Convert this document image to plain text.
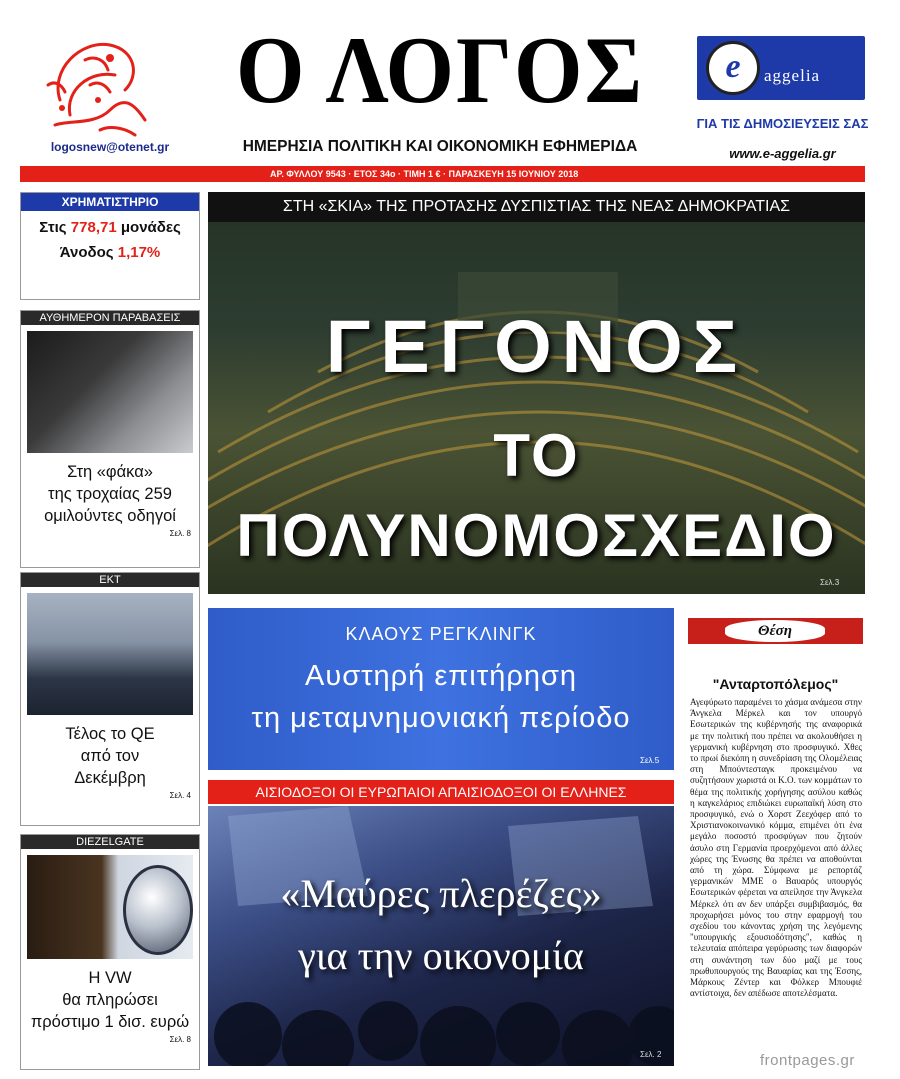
logosnew@otenet.gr
Ο ΛΟΓΟΣ
ΗΜΕΡΗΣΙΑ ΠΟΛΙΤΙΚΗ ΚΑΙ ΟΙΚΟΝΟΜΙΚΗ ΕΦΗΜΕΡΙΔΑ
e	aggelia
ΓΙΑ ΤΙΣ ΔΗΜΟΣΙΕΥΣΕΙΣ ΣΑΣ
www.e-aggelia.gr
ΑΡ. ΦΥΛΛΟΥ 9543 · ΕΤΟΣ 34ο · ΤΙΜΗ 1 € · ΠΑΡΑΣΚΕΥΗ 15 ΙΟΥΝΙΟΥ 2018
ΧΡΗΜΑΤΙΣΤΗΡΙΟ
Στις 778,71 μονάδες
Άνοδος 1,17%
ΑΥΘΗΜΕΡΟΝ ΠΑΡΑΒΑΣΕΙΣ
Στη «φάκα»
της τροχαίας 259
ομιλούντες οδηγοί
Σελ. 8
ΕΚΤ
Τέλος το QE
από τον
Δεκέμβρη
Σελ. 4
DIEZELGATE
Η VW
θα πληρώσει
πρόστιμο 1 δισ. ευρώ
Σελ. 8
ΣΤΗ «ΣΚΙΑ» ΤΗΣ ΠΡΟΤΑΣΗΣ ΔΥΣΠΙΣΤΙΑΣ ΤΗΣ ΝΕΑΣ ΔΗΜΟΚΡΑΤΙΑΣ
ΓΕΓΟΝΟΣ
ΤΟ ΠΟΛΥΝΟΜΟΣΧΕΔΙΟ
Σελ.3
ΚΛΑΟΥΣ ΡΕΓΚΛΙΝΓΚ
Αυστηρή επιτήρηση
τη μεταμνημονιακή περίοδο
Σελ.5
ΑΙΣΙΟΔΟΞΟΙ ΟΙ ΕΥΡΩΠΑΙΟΙ ΑΠΑΙΣΙΟΔΟΞΟΙ ΟΙ ΕΛΛΗΝΕΣ
«Μαύρες πλερέζες»
για την οικονομία
Σελ. 2
Θέση
"Ανταρτοπόλεμος"
Αγεφύρωτο παραμένει το χάσμα ανάμεσα στην Άνγκελα Μέρκελ και τον υπουργό Εσωτερικών της κυβέρνησής της αναφορικά με την πολιτική που πρέπει να ακολουθήσει η γερμανική κυβέρνηση στο προσφυγικό. Χθες το πρωί διεκόπη η συνεδρίαση της Ολομέλειας στη Μπούντεσταγκ προκειμένου να συζητήσουν χωριστά οι Κ.Ο. των κομμάτων το θέμα της πολιτικής χορήγησης ασύλου καθώς η καγκελάριος επιδιώκει ευρωπαϊκή λύση στο προσφυγικό, ενώ ο Χορστ Ζεεχόφερ από το Χριστιανοκοινωνικό κόμμα, επιμένει ότι ένα μεγάλο ποσοστό προσφύγων που ζητούν άσυλο στη Γερμανία προερχόμενοι από άλλες χώρες της Ένωσης θα πρέπει να αποθούνται από τη χώρα. Σύμφωνα με ρεπορτάζ γερμανικών ΜΜΕ ο Βαυαρός υπουργός Εσωτερικών φέρεται να απείλησε την Άνγκελα Μέρκελ ότι αν δεν υπάρξει συμβιβασμός, θα προχωρήσει μόνος του στην εφαρμογή του σχεδίου του κάνοντας χρήση της λεγόμενης "υπουργικής εξουσιοδότησης", καθώς η τελευταία απόπειρα γεφύρωσης των διαφορών στη συνάντηση των δύο μαζί με τους πρωθυπουργούς της Βαυαρίας και της Έσσης, Μάρκους Ζέντερ και Φόλκερ Μπουφιέ αντίστοιχα, δεν απέδωσε αποτελέσματα.
frontpages.gr
